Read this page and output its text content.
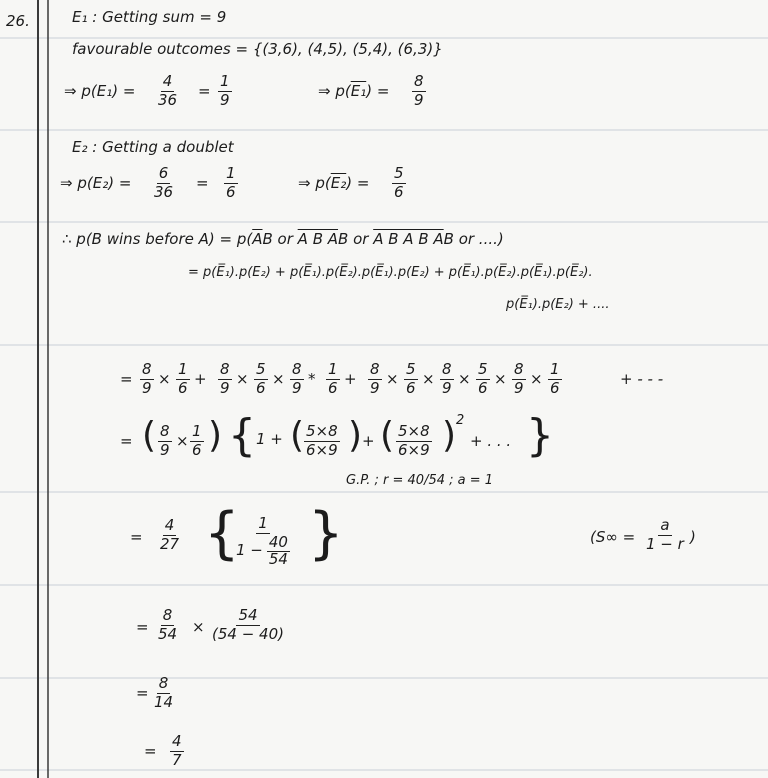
26.	E₁ : Getting sum = 9
favourable outcomes = {(3,6), (4,5), (5,4), (6,3)}
⇒ $p(E_1) = \frac{4}{36} = \frac{1}{9}$	⇒ $p(E_1) = \frac{8}{9}$
E₂ : Getting a doublet
⇒ $p(E_2) = \frac{6}{36} = \frac{1}{6}$	⇒ $p(E_2) = \frac{5}{6}$
∴ p(B wins before $A) = p(\overline{A}B$ or A B AB or A B A B AB or ....)
= p(E̅₁).p(E₂) + p(E̅₁).p(E̅₂).p(E̅₁).p(E₂) + p(E̅₁).p(E̅₂).p(E̅₁).p(E̅₂).
p(E̅₁).p(E₂) + ....
= $\frac{8}{9} \times \frac{1}{6} + \frac{8}{9} \times \frac{5}{6} \times \frac{8}{9} * \frac{1}{6} + \frac{8}{9} \times \frac{5}{6} \times \frac{8}{9} \times \frac{5}{6} \times \frac{8}{9} \times \frac{1}{6}$	+ - - -
= ( $\frac{8}{9} \times \frac{1}{6}$ ) { 1 + ( $\frac{5\times 8}{6\times 9}$ ) + ( $\frac{5\times 8}{6\times 9}$ ) 2
+ . . . }
G.P. ; r = 40/54 ; a = 1
= $\frac{4}{27}$ {
$\frac{1}{1 - \frac{40}{54}}$ }	($S\infty = \frac{a}{1 - r}$ )
= $\frac{8}{54} \times \frac{54}{(54 - 40)}$
= $\frac{8}{14}$
= $\frac{4}{7}$
